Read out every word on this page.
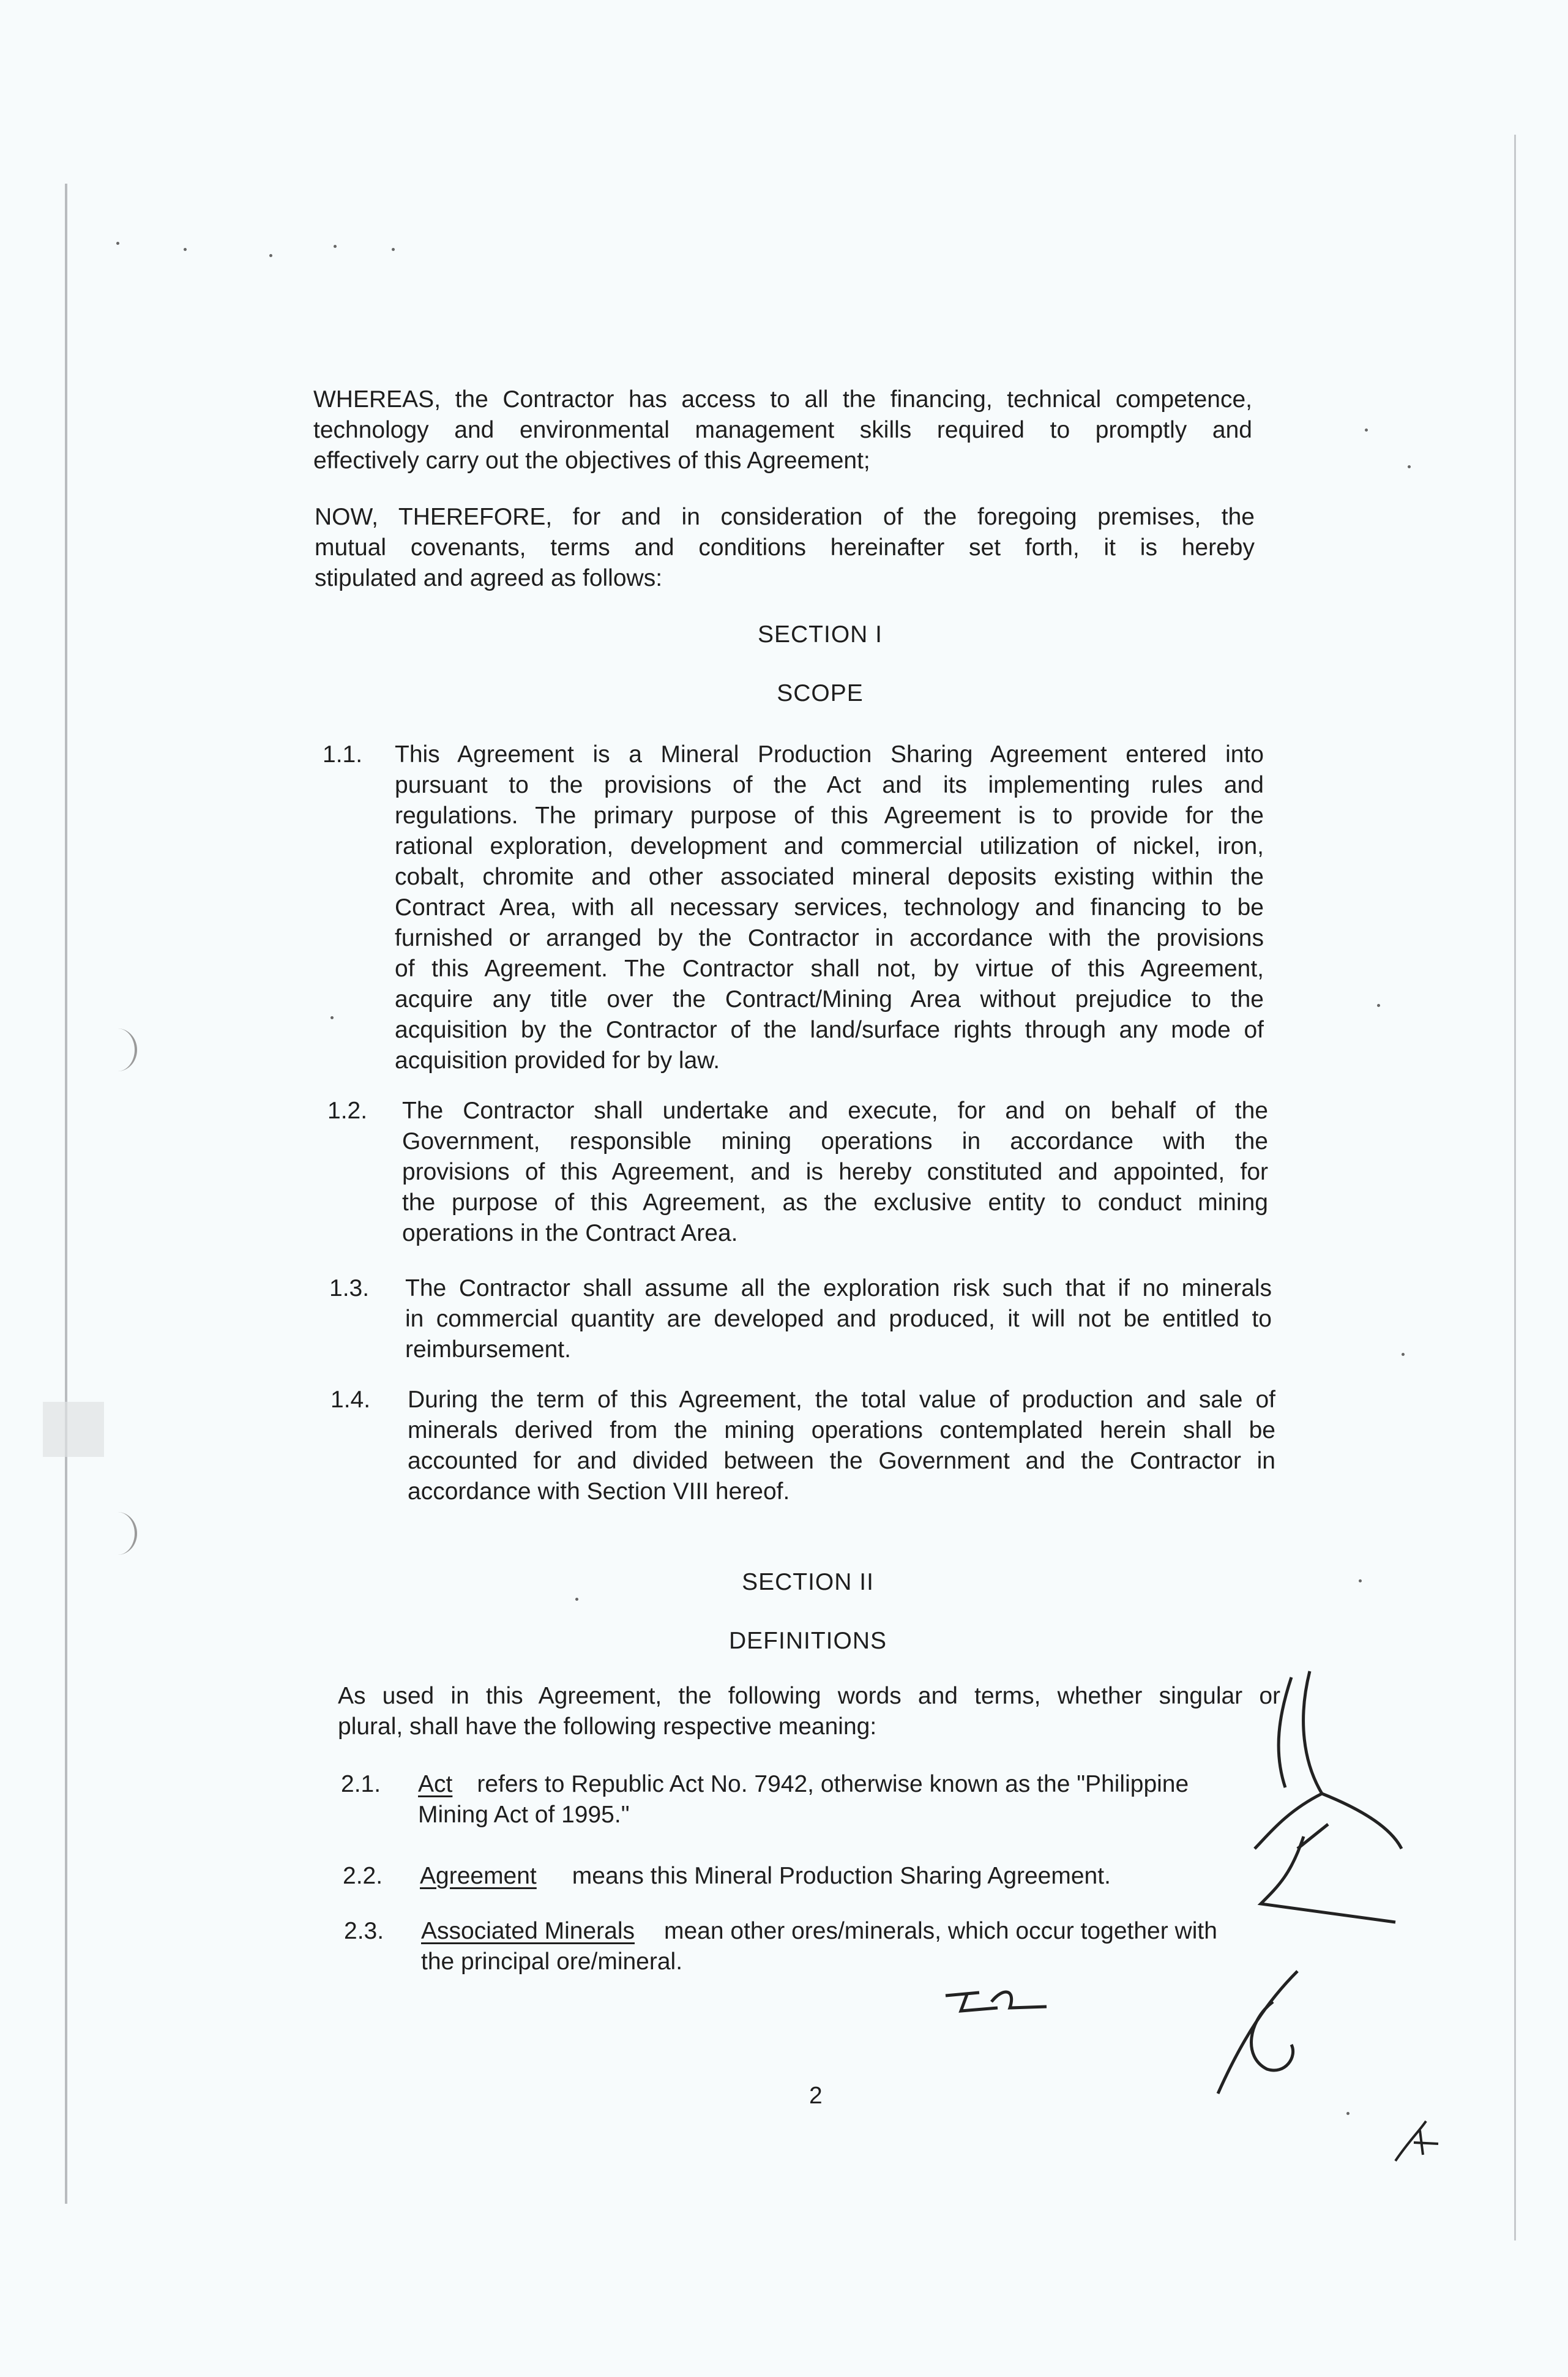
WHEREAS, the Contractor has access to all the financing, technical competence,
technology and environmental management skills required to promptly and
effectively carry out the objectives of this Agreement;
NOW, THEREFORE, for and in consideration of the foregoing premises, the
mutual covenants, terms and conditions hereinafter set forth, it is hereby
stipulated and agreed as follows:
SECTION I
SCOPE
1.1. This Agreement is a Mineral Production Sharing Agreement entered into
pursuant to the provisions of the Act and its implementing rules and
regulations. The primary purpose of this Agreement is to provide for the
rational exploration, development and commercial utilization of nickel, iron,
cobalt, chromite and other associated mineral deposits existing within the
Contract Area, with all necessary services, technology and financing to be
furnished or arranged by the Contractor in accordance with the provisions
of this Agreement. The Contractor shall not, by virtue of this Agreement,
acquire any title over the Contract/Mining Area without prejudice to the
acquisition by the Contractor of the land/surface rights through any mode of
acquisition provided for by law.
1.2. The Contractor shall undertake and execute, for and on behalf of the
Government, responsible mining operations in accordance with the
provisions of this Agreement, and is hereby constituted and appointed, for
the purpose of this Agreement, as the exclusive entity to conduct mining
operations in the Contract Area.
1.3. The Contractor shall assume all the exploration risk such that if no minerals
in commercial quantity are developed and produced, it will not be entitled to
reimbursement.
1.4. During the term of this Agreement, the total value of production and sale of
minerals derived from the mining operations contemplated herein shall be
accounted for and divided between the Government and the Contractor in
accordance with Section VIII hereof.
SECTION II
DEFINITIONS
As used in this Agreement, the following words and terms, whether singular or
plural, shall have the following respective meaning:
2.1. Act refers to Republic Act No. 7942, otherwise known as the "Philippine
Mining Act of 1995."
2.2. Agreement means this Mineral Production Sharing Agreement.
2.3. Associated Minerals mean other ores/minerals, which occur together with
the principal ore/mineral.
2
